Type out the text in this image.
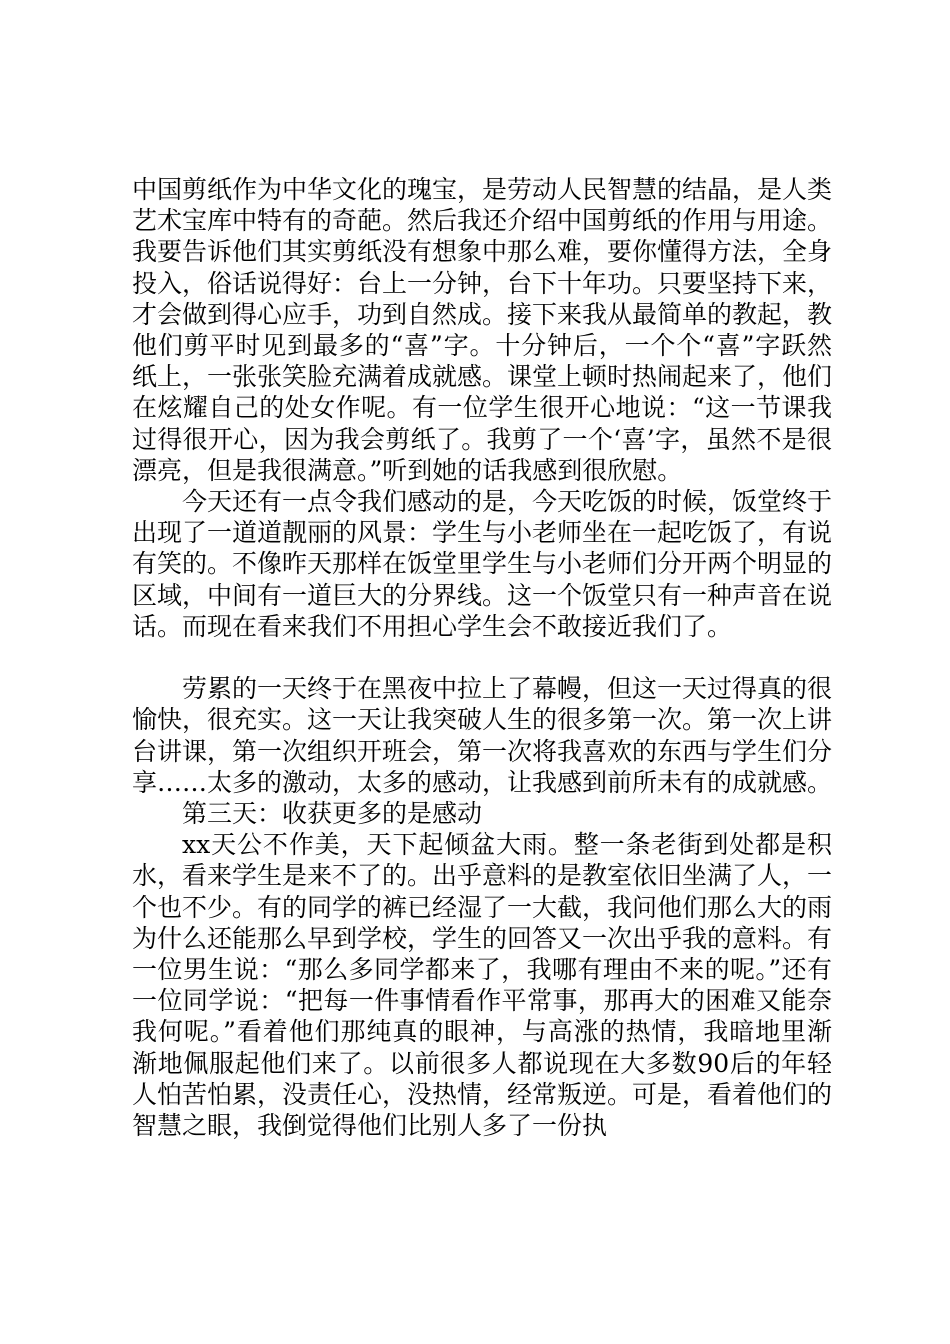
中国剪纸作为中华文化的瑰宝，是劳动人民智慧的结晶，是人类艺术宝库中特有的奇葩。然后我还介绍中国剪纸的作用与用途。我要告诉他们其实剪纸没有想象中那么难，要你懂得方法，全身投入，俗话说得好：台上一分钟，台下十年功。只要坚持下来，才会做到得心应手，功到自然成。接下来我从最简单的教起，教他们剪平时见到最多的“喜”字。十分钟后，一个个“喜”字跃然纸上，一张张笑脸充满着成就感。课堂上顿时热闹起来了，他们在炫耀自己的处女作呢。有一位学生很开心地说：“这一节课我过得很开心，因为我会剪纸了。我剪了一个‘喜’字，虽然不是很漂亮，但是我很满意。”听到她的话我感到很欣慰。

今天还有一点令我们感动的是，今天吃饭的时候，饭堂终于出现了一道道靓丽的风景：学生与小老师坐在一起吃饭了，有说有笑的。不像昨天那样在饭堂里学生与小老师们分开两个明显的区域，中间有一道巨大的分界线。这一个饭堂只有一种声音在说话。而现在看来我们不用担心学生会不敢接近我们了。

劳累的一天终于在黑夜中拉上了幕幔，但这一天过得真的很愉快，很充实。这一天让我突破人生的很多第一次。第一次上讲台讲课，第一次组织开班会，第一次将我喜欢的东西与学生们分享……太多的激动，太多的感动，让我感到前所未有的成就感。

第三天：收获更多的是感动

xx天公不作美，天下起倾盆大雨。整一条老街到处都是积水，看来学生是来不了的。出乎意料的是教室依旧坐满了人，一个也不少。有的同学的裤已经湿了一大截，我问他们那么大的雨为什么还能那么早到学校，学生的回答又一次出乎我的意料。有一位男生说：“那么多同学都来了，我哪有理由不来的呢。”还有一位同学说：“把每一件事情看作平常事，那再大的困难又能奈我何呢。”看着他们那纯真的眼神，与高涨的热情，我暗地里渐渐地佩服起他们来了。以前很多人都说现在大多数90后的年轻人怕苦怕累，没责任心，没热情，经常叛逆。可是，看着他们的智慧之眼，我倒觉得他们比别人多了一份执
